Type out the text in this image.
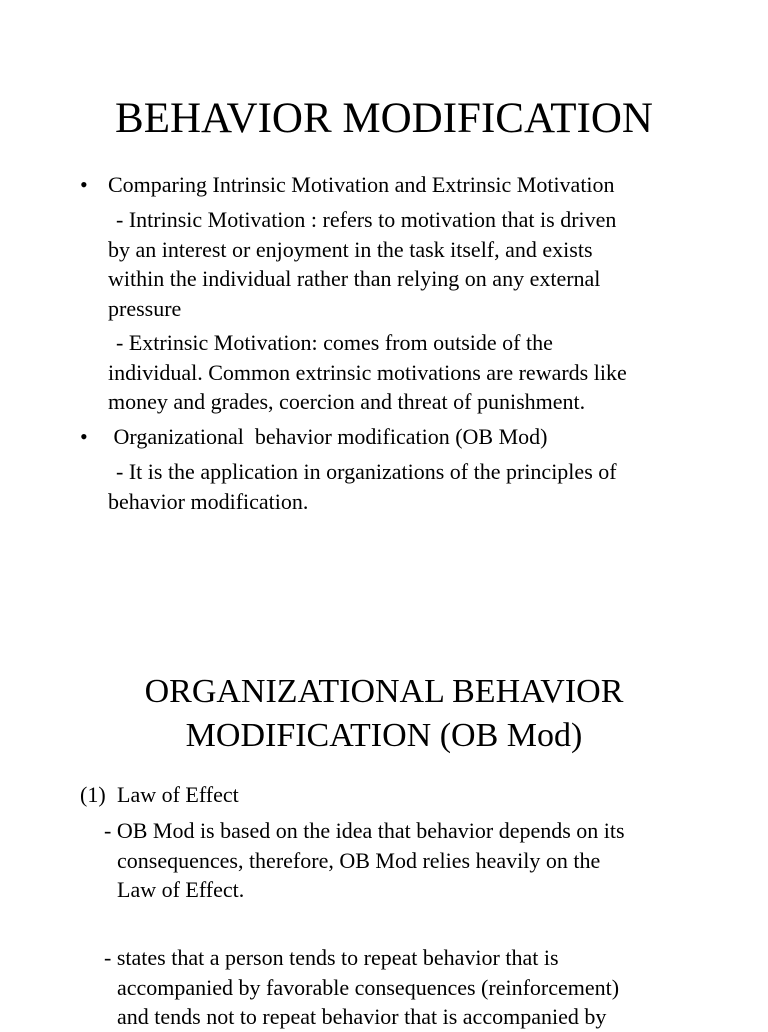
BEHAVIOR MODIFICATION
• Comparing Intrinsic Motivation and Extrinsic Motivation
- Intrinsic Motivation : refers to motivation that is driven
by an interest or enjoyment in the task itself, and exists
within the individual rather than relying on any external
pressure
- Extrinsic Motivation: comes from outside of the
individual. Common extrinsic motivations are rewards like
money and grades, coercion and threat of punishment.
• Organizational  behavior modification (OB Mod)
- It is the application in organizations of the principles of
behavior modification.
ORGANIZATIONAL BEHAVIOR
MODIFICATION (OB Mod)
(1) Law of Effect
- OB Mod is based on the idea that behavior depends on its
consequences, therefore, OB Mod relies heavily on the
Law of Effect.
- states that a person tends to repeat behavior that is
accompanied by favorable consequences (reinforcement)
and tends not to repeat behavior that is accompanied by
